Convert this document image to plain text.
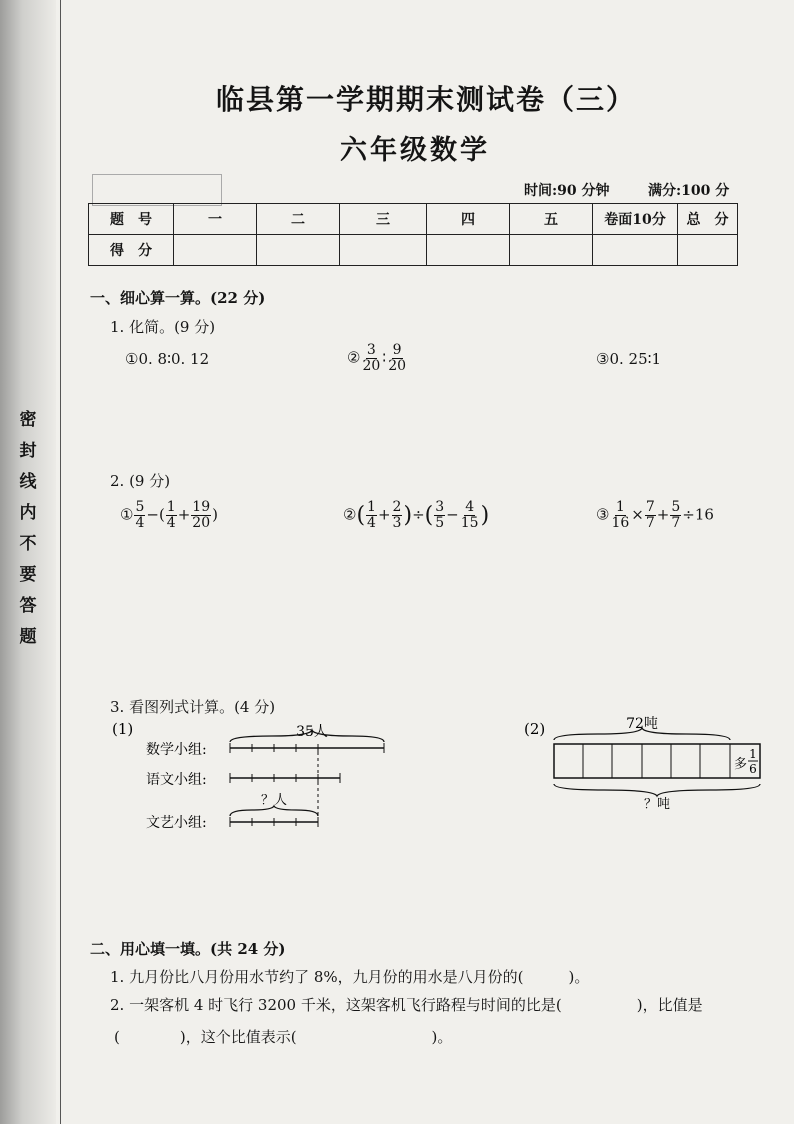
密
封
线
内
不
要
答
题
临县第一学期期末测试卷（三）
六年级数学
时间:90 分钟	满分:100 分
题　号	一	二	三	四	五	卷面10分	总　分
得　分							
一、细心算一算。(22 分)
1. 化简。(9 分)
①0. 8∶0. 12	② $\frac{3}{20}$ ∶ $\frac{9}{20}$	③0. 25∶1
2. (9 分)
① $\frac{5}{4}$ −( $\frac{1}{4} + \frac{19}{20}$ )	②( $\frac{1}{4} + \frac{2}{3}$ )÷( $\frac{3}{5} - \frac{4}{15}$ )	③ $\frac{1}{16} \times \frac{7}{7} + \frac{5}{7} \div 16$
3. 看图列式计算。(4 分)
(1)	35人
数学小组:
语文小组:
文艺小组:
？人
(2)	72吨
多
1
6
？吨
二、用心填一填。(共 24 分)
1. 九月份比八月份用水节约了 8%，九月份的用水是八月份的(　　　)。
2. 一架客机 4 时飞行 3200 千米，这架客机飞行路程与时间的比是(　　　　　)，比值是
(　　　　)，这个比值表示(　　　　　　　　　)。
